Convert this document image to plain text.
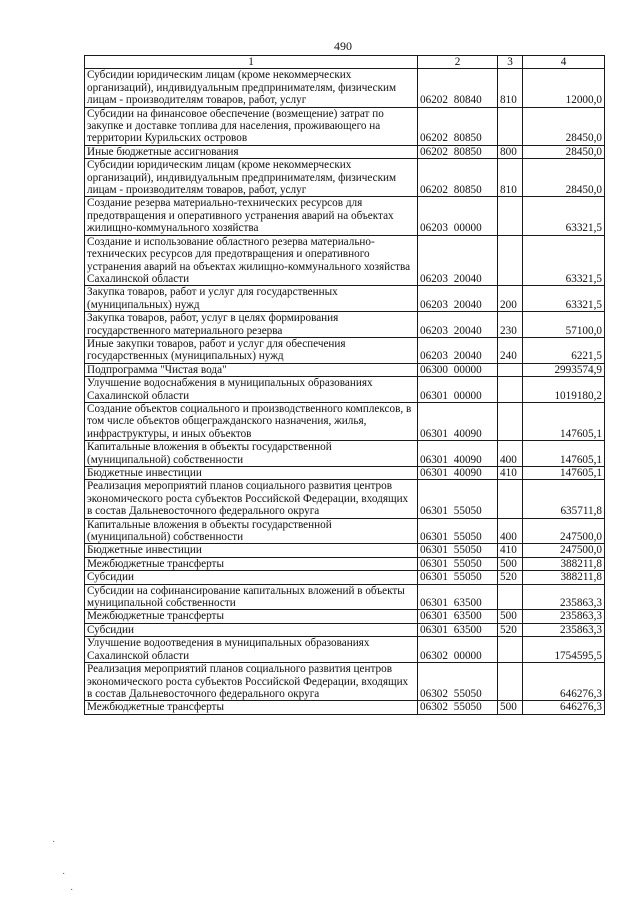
490
1	2	3	4
Субсидии юридическим лицам (кроме некоммерческих организаций), индивидуальным предпринимателям, физическим лицам - производителям товаров, работ, услуг	06202 80840	810	12000,0
Субсидии на финансовое обеспечение (возмещение) затрат по закупке и доставке топлива для населения, проживающего на территории Курильских островов	06202 80850		28450,0
Иные бюджетные ассигнования	06202 80850	800	28450,0
Субсидии юридическим лицам (кроме некоммерческих организаций), индивидуальным предпринимателям, физическим лицам - производителям товаров, работ, услуг	06202 80850	810	28450,0
Создание резерва материально-технических ресурсов для предотвращения и оперативного устранения аварий на объектах жилищно-коммунального хозяйства	06203 00000		63321,5
Создание и использование областного резерва материально-технических ресурсов для предотвращения и оперативного устранения аварий на объектах жилищно-коммунального хозяйства Сахалинской области	06203 20040		63321,5
Закупка товаров, работ и услуг для государственных (муниципальных) нужд	06203 20040	200	63321,5
Закупка товаров, работ, услуг в целях формирования государственного материального резерва	06203 20040	230	57100,0
Иные закупки товаров, работ и услуг для обеспечения государственных (муниципальных) нужд	06203 20040	240	6221,5
Подпрограмма "Чистая вода"	06300 00000		2993574,9
Улучшение водоснабжения в муниципальных образованиях Сахалинской области	06301 00000		1019180,2
Создание объектов социального и производственного комплексов, в том числе объектов общегражданского назначения, жилья, инфраструктуры, и иных объектов	06301 40090		147605,1
Капитальные вложения в объекты государственной (муниципальной) собственности	06301 40090	400	147605,1
Бюджетные инвестиции	06301 40090	410	147605,1
Реализация мероприятий планов социального развития центров экономического роста субъектов Российской Федерации, входящих в состав Дальневосточного федерального округа	06301 55050		635711,8
Капитальные вложения в объекты государственной (муниципальной) собственности	06301 55050	400	247500,0
Бюджетные инвестиции	06301 55050	410	247500,0
Межбюджетные трансферты	06301 55050	500	388211,8
Субсидии	06301 55050	520	388211,8
Субсидии на софинансирование капитальных вложений в объекты муниципальной собственности	06301 63500		235863,3
Межбюджетные трансферты	06301 63500	500	235863,3
Субсидии	06301 63500	520	235863,3
Улучшение водоотведения в муниципальных образованиях Сахалинской области	06302 00000		1754595,5
Реализация мероприятий планов социального развития центров экономического роста субъектов Российской Федерации, входящих в состав Дальневосточного федерального округа	06302 55050		646276,3
Межбюджетные трансферты	06302 55050	500	646276,3
·
·
·
